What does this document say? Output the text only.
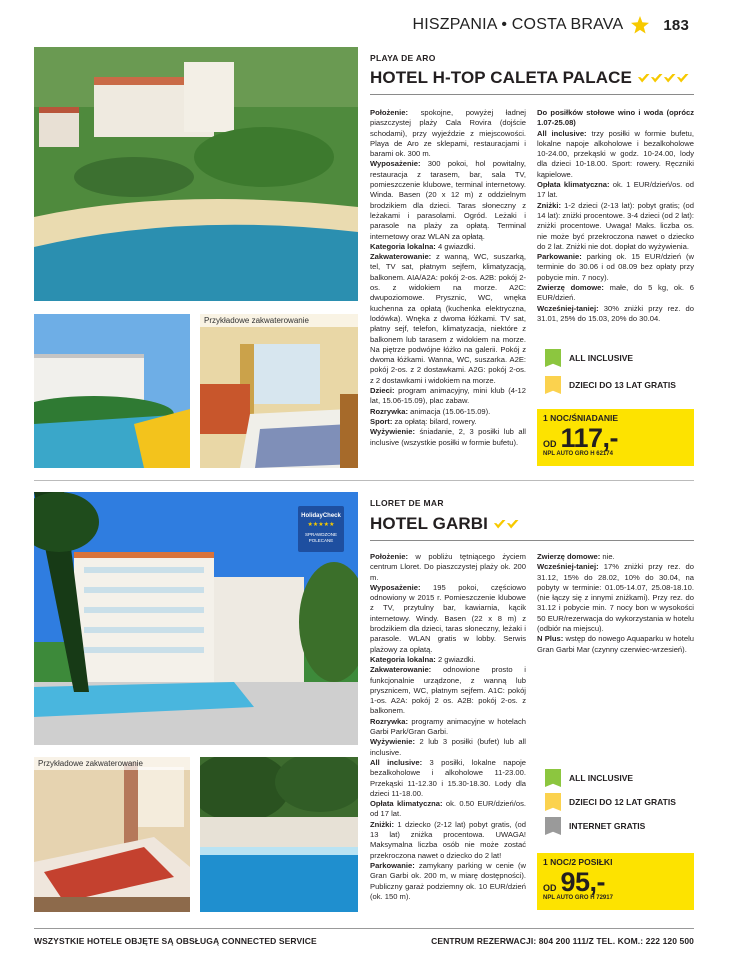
HISZPANIA • COSTA BRAVA	183
Przykładowe zakwaterowanie
PLAYA DE ARO
HOTEL H-TOP CALETA PALACE

Położenie: spokojne, powyżej ładnej piaszczystej plaży Cala Rovira (dojście schodami), przy wyjeździe z miejscowości. Playa de Aro ze sklepami, restauracjami i barami ok. 300 m.

Wyposażenie: 300 pokoi, hol powitalny, restauracja z tarasem, bar, sala TV, pomieszczenie klubowe, terminal internetowy. Winda. Basen (20 x 12 m) z oddzielnym brodzikiem dla dzieci. Taras słoneczny z leżakami i parasolami. Ogród. Leżaki i parasole na plaży za opłatą. Terminal internetowy oraz WLAN za opłatą.

Kategoria lokalna: 4 gwiazdki.

Zakwaterowanie: z wanną, WC, suszarką, tel, TV sat, płatnym sejfem, klimatyzacją, balkonem. AIA/A2A: pokój 2-os. A2B: pokój 2-os. z widokiem na morze. A2C: dwupoziomowe. Prysznic, WC, wnęka kuchenna za opłatą (kuchenka elektryczna, lodówka). Wnęka z dwoma łóżkami. TV sat, płatny sejf, telefon, klimatyzacja, niektóre z balkonem lub tarasem z widokiem na morze. Na piętrze podwójne łóżko na galerii. Pokój z dwoma łóżkami. Wanna, WC, suszarka. A2E: pokój 2-os. z 2 dostawkami. A2G: pokój 2-os. z 2 dostawkami i widokiem na morze.

Dzieci: program animacyjny, mini klub (4-12 lat, 15.06-15.09), plac zabaw.

Rozrywka: animacja (15.06-15.09).

Sport: za opłatą: bilard, rowery.

Wyżywienie: śniadanie, 2, 3 posiłki lub all inclusive (wszystkie posiłki w formie bufetu).

Do posiłków stołowe wino i woda (oprócz 1.07-25.08)

All inclusive: trzy posiłki w formie bufetu, lokalne napoje alkoholowe i bezalkoholowe 10-24.00, przekąski w godz. 10-24.00, lody dla dzieci 10-18.00. Sport: rowery. Ręczniki kąpielowe.

Opłata klimatyczna: ok. 1 EUR/dzień/os. od 17 lat.

Zniżki: 1-2 dzieci (2-13 lat): pobyt gratis; (od 14 lat): zniżki procentowe. 3-4 dzieci (od 2 lat): zniżki procentowe. Uwaga! Maks. liczba os. nie może być przekroczona nawet o dziecko do 2 lat. Zniżki nie dot. dopłat do wyżywienia.

Parkowanie: parking ok. 15 EUR/dzień (w terminie do 30.06 i od 08.09 bez opłaty przy pobycie min. 7 nocy).

Zwierzę domowe: małe, do 5 kg, ok. 6 EUR/dzień.

Wcześniej-taniej: 30% zniżki przy rez. do 31.01, 25% do 15.03, 20% do 30.04.

ALL INCLUSIVE
DZIECI DO 13 LAT GRATIS
1 NOC/ŚNIADANIE
OD 117,-
NPL AUTO GRO H 62174
HolidayCheck
★★★★★
SPRAWDZONE POLECANE
Przykładowe zakwaterowanie
LLORET DE MAR
HOTEL GARBI

Położenie: w pobliżu tętniącego życiem centrum Lloret. Do piaszczystej plaży ok. 200 m.

Wyposażenie: 195 pokoi, częściowo odnowiony w 2015 r. Pomieszczenie klubowe z TV, przytulny bar, kawiarnia, kącik internetowy. Windy. Basen (22 x 8 m) z brodzikiem dla dzieci, taras słoneczny, leżaki i parasole. WLAN gratis w lobby. Serwis plażowy za opłatą.

Kategoria lokalna: 2 gwiazdki.

Zakwaterowanie: odnowione prosto i funkcjonalnie urządzone, z wanną lub prysznicem, WC, płatnym sejfem. A1C: pokój 1-os. A2A: pokój 2 os. A2B: pokój 2-os. z balkonem.

Rozrywka: programy animacyjne w hotelach Garbi Park/Gran Garbi.

Wyżywienie: 2 lub 3 posiłki (bufet) lub all inclusive.

All inclusive: 3 posiłki, lokalne napoje bezalkoholowe i alkoholowe 11-23.00. Przekąski 11-12.30 i 15.30-18.30. Lody dla dzieci 11-18.00.

Opłata klimatyczna: ok. 0.50 EUR/dzień/os. od 17 lat.

Zniżki: 1 dziecko (2-12 lat) pobyt gratis, (od 13 lat) zniżka procentowa. UWAGA! Maksymalna liczba osób nie może zostać przekroczona nawet o dziecko do 2 lat!

Parkowanie: zamykany parking w cenie (w Gran Garbi ok. 200 m, w miarę dostępności). Publiczny garaż podziemny ok. 10 EUR/dzień (ok. 150 m).

Zwierzę domowe: nie.

Wcześniej-taniej: 17% zniżki przy rez. do 31.12, 15% do 28.02, 10% do 30.04, na pobyty w terminie: 01.05-14.07, 25.08-18.10. (nie łączy się z innymi zniżkami). Przy rez. do 31.12 i pobycie min. 7 nocy bon w wysokości 50 EUR/rezerwacja do wykorzystania w hotelu (odbiór na miejscu).

N Plus: wstęp do nowego Aquaparku w hotelu Gran Garbi Mar (czynny czerwiec-wrzesień).

ALL INCLUSIVE
DZIECI DO 12 LAT GRATIS
INTERNET GRATIS
1 NOC/2 POSIŁKI
OD 95,-
NPL AUTO GRO H 72917
WSZYSTKIE HOTELE OBJĘTE SĄ OBSŁUGĄ CONNECTED SERVICE	CENTRUM REZERWACJI: 804 200 111/Z TEL. KOM.: 222 120 500
